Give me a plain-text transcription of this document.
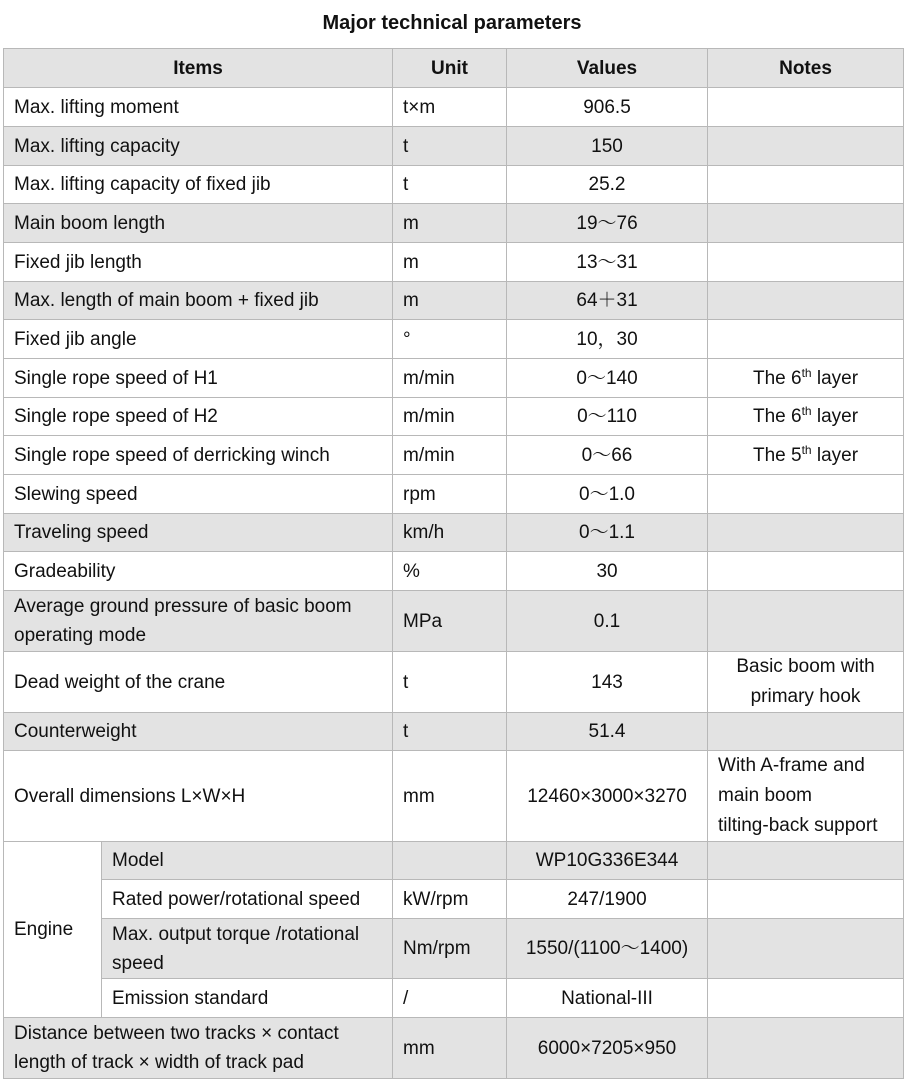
Major technical parameters
Items		Unit	Values	Notes
Max. lifting moment		t×m	906.5	
Max. lifting capacity		t	150	
Max. lifting capacity of fixed jib		t	25.2	
Main boom length		m	19～76	
Fixed jib length		m	13～31	
Max. length of main boom + fixed jib		m	64＋31	
Fixed jib angle		°	10，30	
Single rope speed of H1		m/min	0～140	The 6th layer
Single rope speed of H2		m/min	0～110	The 6th layer
Single rope speed of derricking winch		m/min	0～66	The 5th layer
Slewing speed		rpm	0～1.0	
Traveling speed		km/h	0～1.1	
Gradeability		%	30	

Average ground pressure of basic boom
operating mode		MPa	0.1	
Dead weight of the crane		t	143	Basic boom with
primary hook

Counterweight		t	51.4	
Overall dimensions L×W×H		mm	12460×3000×3270	With A-frame and
main boom
tilting-back support

Engine	Model		WP10G336E344	
	Rated power/rotational speed	kW/rpm	247/1900	

	Max. output torque /rotational
speed	Nm/rpm	1550/(1100～1400)	
	Emission standard	/	National-III	

Distance between two tracks × contact
length of track × width of track pad		mm	6000×7205×950	
